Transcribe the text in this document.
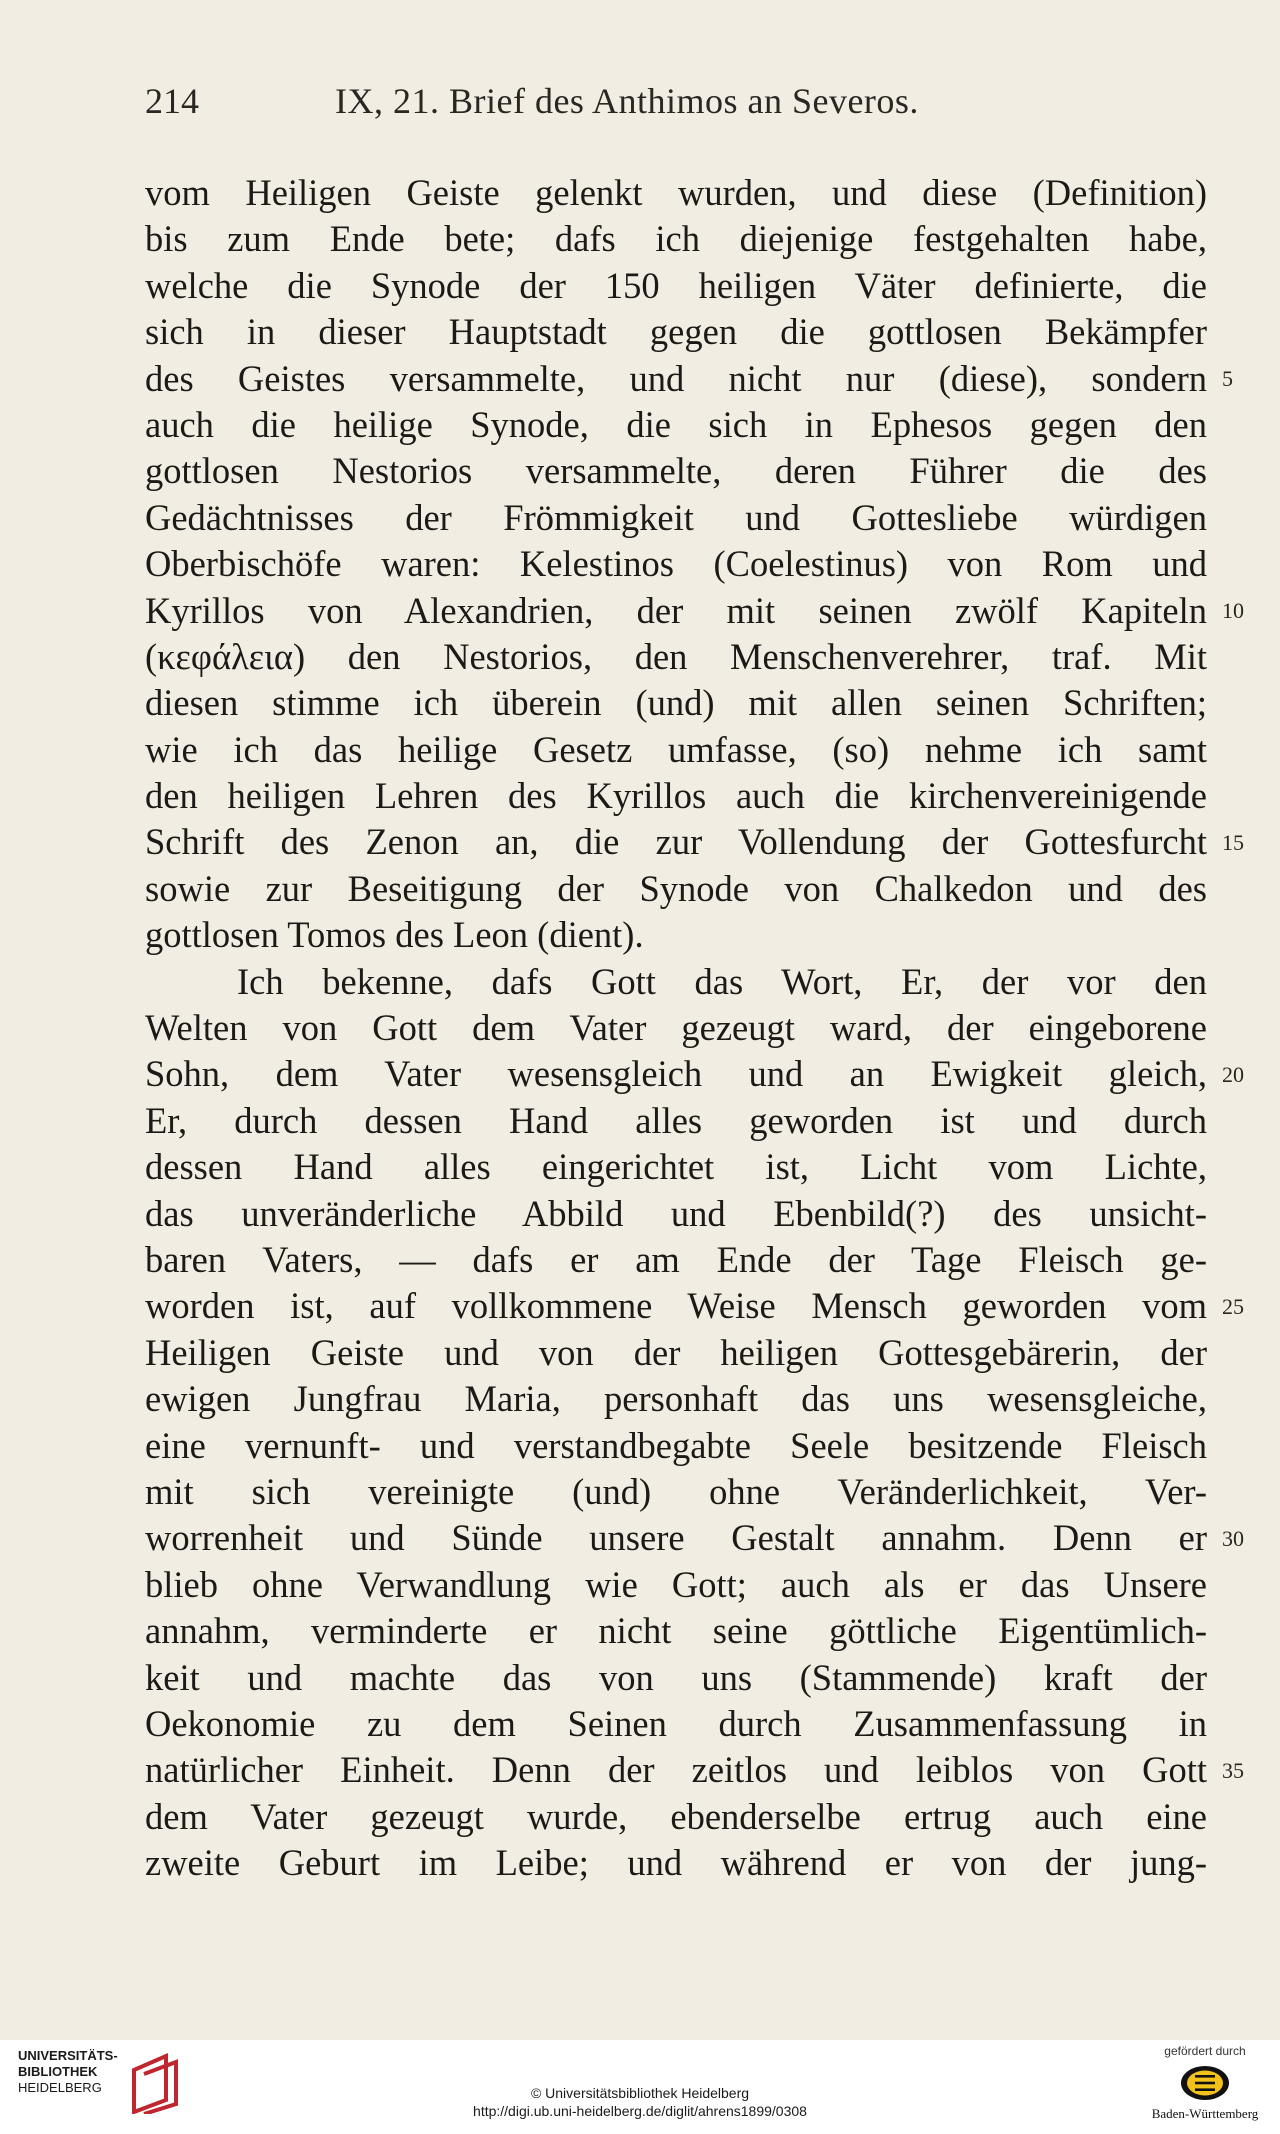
214	IX, 21. Brief des Anthimos an Severos.
vom Heiligen Geiste gelenkt wurden, und diese (Definition)
bis zum Ende bete; dafs ich diejenige festgehalten habe,
welche die Synode der 150 heiligen Väter definierte, die
sich in dieser Hauptstadt gegen die gottlosen Bekämpfer
des Geistes versammelte, und nicht nur (diese), sondern
auch die heilige Synode, die sich in Ephesos gegen den
gottlosen Nestorios versammelte, deren Führer die des
Gedächtnisses der Frömmigkeit und Gottesliebe würdigen
Oberbischöfe waren: Kelestinos (Coelestinus) von Rom und
Kyrillos von Alexandrien, der mit seinen zwölf Kapiteln
(κεφάλεια) den Nestorios, den Menschenverehrer, traf. Mit
diesen stimme ich überein (und) mit allen seinen Schriften;
wie ich das heilige Gesetz umfasse, (so) nehme ich samt
den heiligen Lehren des Kyrillos auch die kirchenvereinigende
Schrift des Zenon an, die zur Vollendung der Gottesfurcht
sowie zur Beseitigung der Synode von Chalkedon und des
gottlosen Tomos des Leon (dient).
Ich bekenne, dafs Gott das Wort, Er, der vor den
Welten von Gott dem Vater gezeugt ward, der eingeborene
Sohn, dem Vater wesensgleich und an Ewigkeit gleich,
Er, durch dessen Hand alles geworden ist und durch
dessen Hand alles eingerichtet ist, Licht vom Lichte,
das unveränderliche Abbild und Ebenbild(?) des unsicht-
baren Vaters, — dafs er am Ende der Tage Fleisch ge-
worden ist, auf vollkommene Weise Mensch geworden vom
Heiligen Geiste und von der heiligen Gottesgebärerin, der
ewigen Jungfrau Maria, personhaft das uns wesensgleiche,
eine vernunft- und verstandbegabte Seele besitzende Fleisch
mit sich vereinigte (und) ohne Veränderlichkeit, Ver-
worrenheit und Sünde unsere Gestalt annahm. Denn er
blieb ohne Verwandlung wie Gott; auch als er das Unsere
annahm, verminderte er nicht seine göttliche Eigentümlich-
keit und machte das von uns (Stammende) kraft der
Oekonomie zu dem Seinen durch Zusammenfassung in
natürlicher Einheit. Denn der zeitlos und leiblos von Gott
dem Vater gezeugt wurde, ebenderselbe ertrug auch eine
zweite Geburt im Leibe; und während er von der jung-
5
10
15
20
25
30
35
UNIVERSITÄTS-
BIBLIOTHEK
HEIDELBERG	© Universitätsbibliothek Heidelberg
http://digi.ub.uni-heidelberg.de/diglit/ahrens1899/0308
gefördert durch
Baden-Württemberg
